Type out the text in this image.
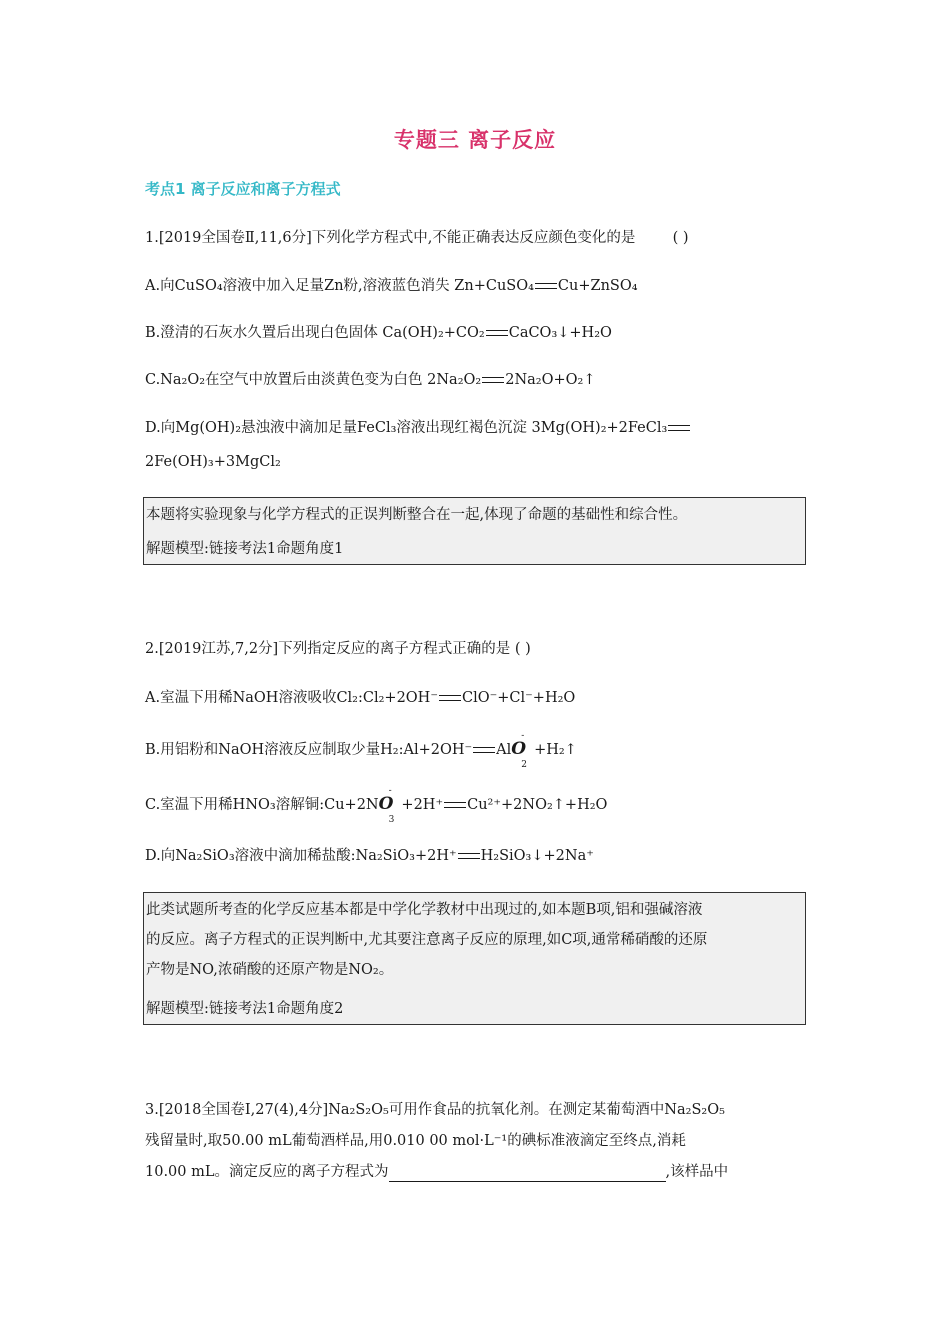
专题三 离子反应
考点1 离子反应和离子方程式
1.[2019全国卷Ⅱ,11,6分]下列化学方程式中,不能正确表达反应颜色变化的是	( )
A.向CuSO₄溶液中加入足量Zn粉,溶液蓝色消失 Zn+CuSO₄ Cu+ZnSO₄
B.澄清的石灰水久置后出现白色固体 Ca(OH)₂+CO₂ CaCO₃↓+H₂O
C.Na₂O₂在空气中放置后由淡黄色变为白色 2Na₂O₂ 2Na₂O+O₂↑
D.向Mg(OH)₂悬浊液中滴加足量FeCl₃溶液出现红褐色沉淀 3Mg(OH)₂+2FeCl₃
2Fe(OH)₃+3MgCl₂

本题将实验现象与化学方程式的正误判断整合在一起,体现了命题的基础性和综合性。

解题模型:链接考法1命题角度1

2.[2019江苏,7,2分]下列指定反应的离子方程式正确的是 ( )
A.室温下用稀NaOH溶液吸收Cl₂:Cl₂+2OH⁻ ClO⁻+Cl⁻+H₂O
B.用铝粉和NaOH溶液反应制取少量H₂:Al+2OH⁻ AlO
-
2
+H₂↑
C.室温下用稀HNO₃溶解铜:Cu+2NO
-
3
+2H⁺ Cu²⁺+2NO₂↑+H₂O
D.向Na₂SiO₃溶液中滴加稀盐酸:Na₂SiO₃+2H⁺ H₂SiO₃↓+2Na⁺

此类试题所考查的化学反应基本都是中学化学教材中出现过的,如本题B项,铝和强碱溶液

的反应。离子方程式的正误判断中,尤其要注意离子反应的原理,如C项,通常稀硝酸的还原

产物是NO,浓硝酸的还原产物是NO₂。

解题模型:链接考法1命题角度2

3.[2018全国卷Ⅰ,27(4),4分]Na₂S₂O₅可用作食品的抗氧化剂。在测定某葡萄酒中Na₂S₂O₅
残留量时,取50.00 mL葡萄酒样品,用0.010 00 mol·L⁻¹的碘标准液滴定至终点,消耗
10.00 mL。滴定反应的离子方程式为	,该样品中
